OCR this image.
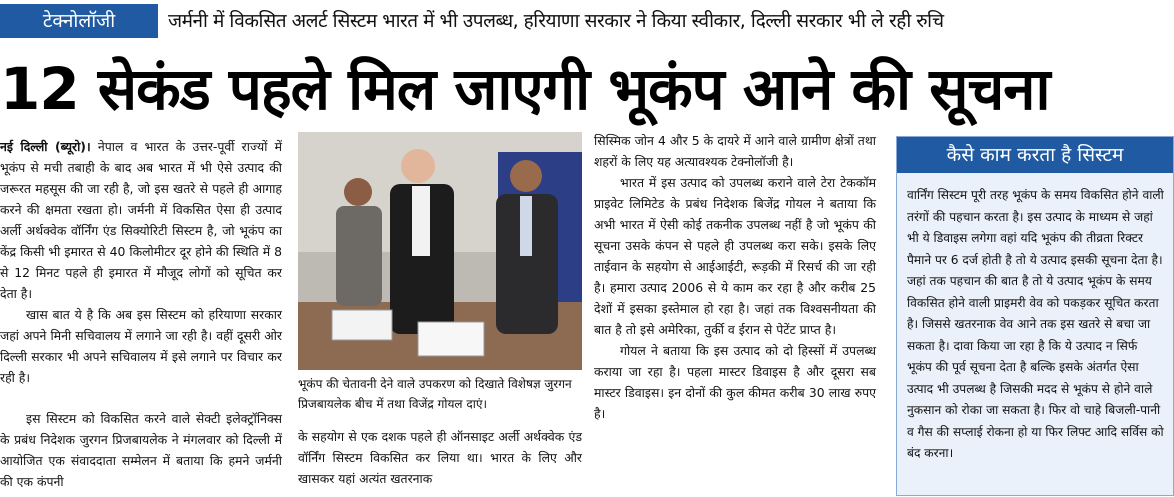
टेक्नोलॉजी	जर्मनी में विकसित अलर्ट सिस्टम भारत में भी उपलब्ध, हरियाणा सरकार ने किया स्वीकार, दिल्ली सरकार भी ले रही रुचि
12 सेकंड पहले मिल जाएगी भूकंप आने की सूचना

नई दिल्ली (ब्यूरो)। नेपाल व भारत के उत्तर-पूर्वी राज्यों में भूकंप से मची तबाही के बाद अब भारत में भी ऐसे उत्पाद की जरूरत महसूस की जा रही है, जो इस खतरे से पहले ही आगाह करने की क्षमता रखता हो। जर्मनी में विकसित ऐसा ही उत्पाद अर्ली अर्थक्वेक वॉर्निंग एंड सिक्योरिटी सिस्टम है, जो भूकंप का केंद्र किसी भी इमारत से 40 किलोमीटर दूर होने की स्थिति में 8 से 12 मिनट पहले ही इमारत में मौजूद लोगों को सूचित कर देता है।

खास बात ये है कि अब इस सिस्टम को हरियाणा सरकार जहां अपने मिनी सचिवालय में लगाने जा रही है। वहीं दूसरी ओर दिल्ली सरकार भी अपने सचिवालय में इसे लगाने पर विचार कर रही है।

इस सिस्टम को विकसित करने वाले सेक्टी इलेक्ट्रॉनिक्स के प्रबंध निदेशक जुरगन प्रिजबायलेक ने मंगलवार को दिल्ली में आयोजित एक संवाददाता सम्मेलन में बताया कि हमने जर्मनी की एक कंपनी

भूकंप की चेतावनी देने वाले उपकरण को दिखाते विशेषज्ञ जुरगन प्रिजबायलेक बीच में तथा विजेंद्र गोयल दाएं।

के सहयोग से एक दशक पहले ही ऑनसाइट अर्ली अर्थक्वेक एंड वॉर्निंग सिस्टम विकसित कर लिया था। भारत के लिए और खासकर यहां अत्यंत खतरनाक

सिस्मिक जोन 4 और 5 के दायरे में आने वाले ग्रामीण क्षेत्रों तथा शहरों के लिए यह अत्यावश्यक टेक्नोलॉजी है।

भारत में इस उत्पाद को उपलब्ध कराने वाले टेरा टेककॉम प्राइवेट लिमिटेड के प्रबंध निदेशक बिजेंद्र गोयल ने बताया कि अभी भारत में ऐसी कोई तकनीक उपलब्ध नहीं है जो भूकंप की सूचना उसके कंपन से पहले ही उपलब्ध करा सके। इसके लिए ताईवान के सहयोग से आईआईटी, रूड़की में रिसर्च की जा रही है। हमारा उत्पाद 2006 से ये काम कर रहा है और करीब 25 देशों में इसका इस्तेमाल हो रहा है। जहां तक विश्वसनीयता की बात है तो इसे अमेरिका, तुर्की व ईरान से पेटेंट प्राप्त है।

गोयल ने बताया कि इस उत्पाद को दो हिस्सों में उपलब्ध कराया जा रहा है। पहला मास्टर डिवाइस है और दूसरा सब मास्टर डिवाइस। इन दोनों की कुल कीमत करीब 30 लाख रुपए है।

कैसे काम करता है सिस्टम

वार्निंग सिस्टम पूरी तरह भूकंप के समय विकसित होने वाली तरंगों की पहचान करता है। इस उत्पाद के माध्यम से जहां भी ये डिवाइस लगेगा वहां यदि भूकंप की तीव्रता रिक्टर पैमाने पर 6 दर्ज होती है तो ये उत्पाद इसकी सूचना देता है। जहां तक पहचान की बात है तो ये उत्पाद भूकंप के समय विकसित होने वाली प्राइमरी वेव को पकड़कर सूचित करता है। जिससे खतरनाक वेव आने तक इस खतरे से बचा जा सकता है। दावा किया जा रहा है कि ये उत्पाद न सिर्फ भूकंप की पूर्व सूचना देता है बल्कि इसके अंतर्गत ऐसा उत्पाद भी उपलब्ध है जिसकी मदद से भूकंप से होने वाले नुकसान को रोका जा सकता है। फिर वो चाहे बिजली-पानी व गैस की सप्लाई रोकना हो या फिर लिफ्ट आदि सर्विस को बंद करना।
